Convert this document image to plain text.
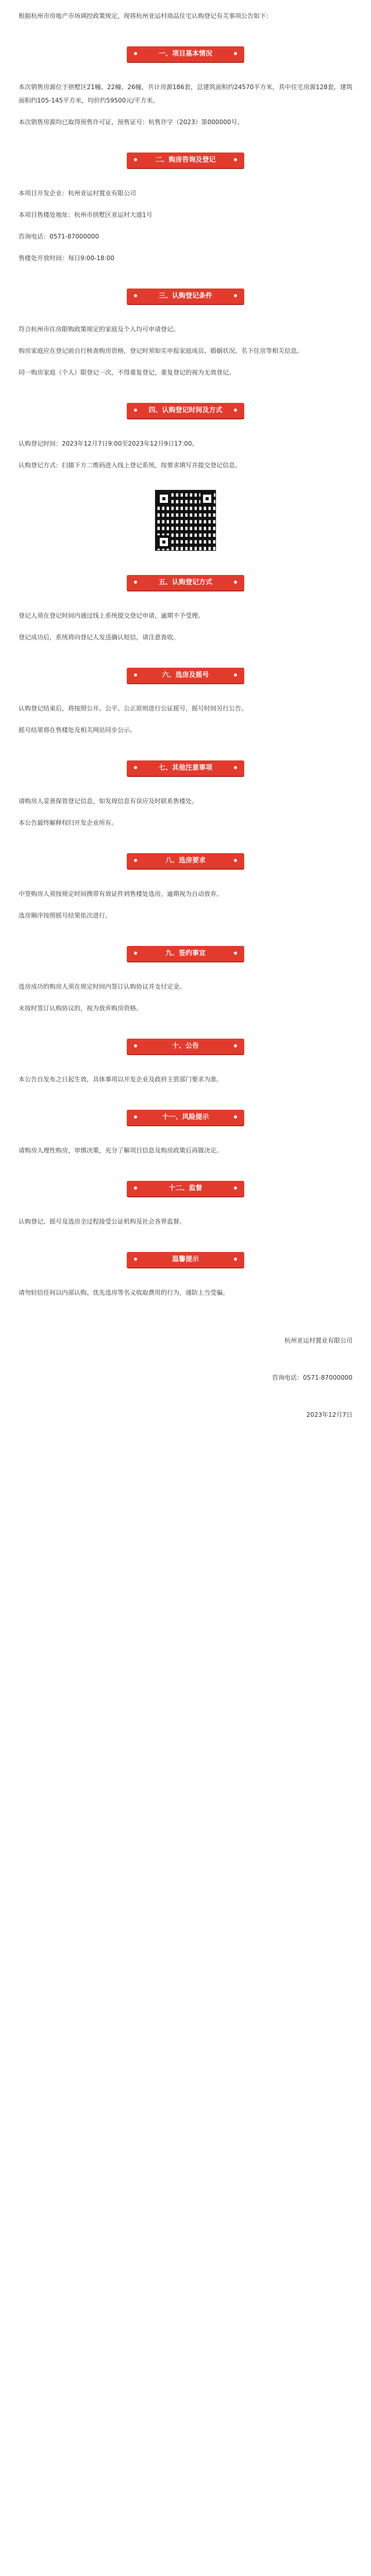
根据杭州市房地产市场调控政策规定，现将杭州亚运村商品住宅认购登记有关事项公告如下：

一、项目基本情况

本次销售房源位于拱墅区21幢、22幢、26幢，共计房源186套，总建筑面积约24570平方米，其中住宅房源128套，建筑面积约105-145平方米，均价约59500元/平方米。

本次销售房源均已取得预售许可证，预售证号：杭售许字（2023）第000000号。

二、购房咨询及登记

本项目开发企业：杭州亚运村置业有限公司

本项目售楼处地址：杭州市拱墅区亚运村大道1号

咨询电话：0571-87000000

售楼处开放时间：每日9:00-18:00

三、认购登记条件

符合杭州市住房限购政策规定的家庭及个人均可申请登记。

购房家庭应在登记前自行核查购房资格，登记时须如实申报家庭成员、婚姻状况、名下住房等相关信息。

同一购房家庭（个人）限登记一次，不得重复登记，重复登记的视为无效登记。

四、认购登记时间及方式

认购登记时间：2023年12月7日9:00至2023年12月9日17:00。

认购登记方式：扫描下方二维码进入线上登记系统，按要求填写并提交登记信息。

五、认购登记方式

登记人须在登记时间内通过线上系统提交登记申请，逾期不予受理。

登记成功后，系统将向登记人发送确认短信，请注意查收。

六、选房及摇号

认购登记结束后，将按照公开、公平、公正原则进行公证摇号，摇号时间另行公告。

摇号结果将在售楼处及相关网站同步公示。

七、其他注意事项

请购房人妥善保管登记信息，如发现信息有误应及时联系售楼处。

本公告最终解释权归开发企业所有。

八、选房要求

中签购房人须按规定时间携带有效证件到售楼处选房，逾期视为自动放弃。

选房顺序按照摇号结果依次进行。

九、签约事宜

选房成功的购房人须在规定时间内签订认购协议并支付定金。

未按时签订认购协议的，视为放弃购房资格。

十、公告

本公告自发布之日起生效，具体事项以开发企业及政府主管部门要求为准。

十一、风险提示

请购房人理性购房，审慎决策，充分了解项目信息及购房政策后再做决定。

十二、监督

认购登记、摇号及选房全过程接受公证机构及社会各界监督。

温馨提示

请勿轻信任何以内部认购、优先选房等名义收取费用的行为，谨防上当受骗。

杭州亚运村置业有限公司

咨询电话：0571-87000000

2023年12月7日
